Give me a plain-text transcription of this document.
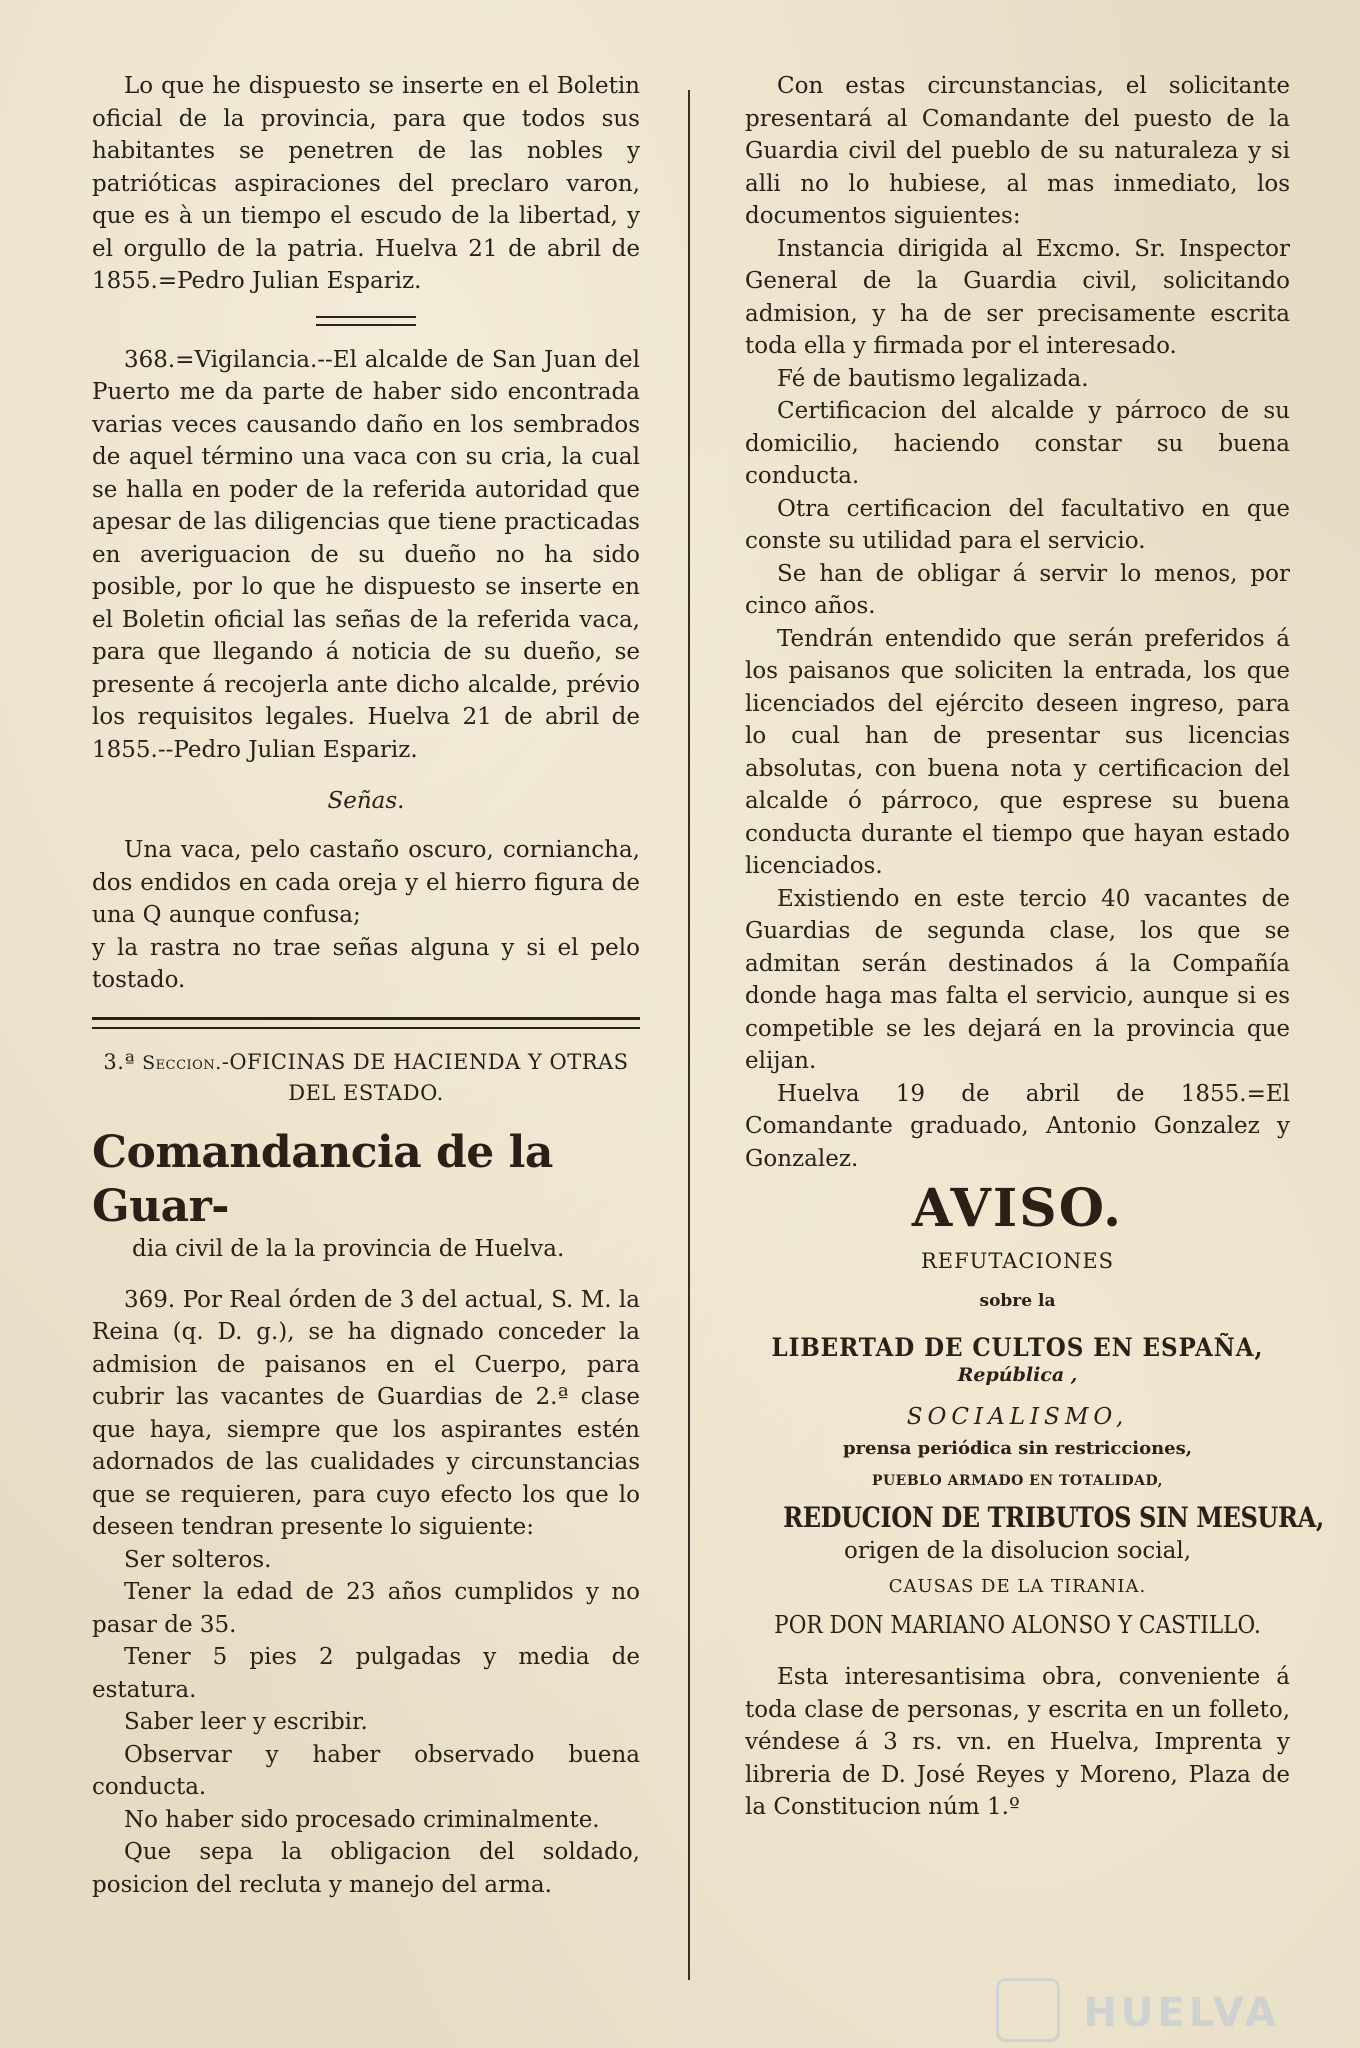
Lo que he dispuesto se inserte en el Boletin oficial de la provincia, para que todos sus habitantes se penetren de las nobles y patrióticas aspiraciones del preclaro varon, que es à un tiempo el escudo de la libertad, y el orgullo de la patria. Huelva 21 de abril de 1855.=Pedro Julian Espariz.

368.=Vigilancia.--El alcalde de San Juan del Puerto me da parte de haber sido encontrada varias veces causando daño en los sembrados de aquel término una vaca con su cria, la cual se halla en poder de la referida autoridad que apesar de las diligencias que tiene practicadas en averiguacion de su dueño no ha sido posible, por lo que he dispuesto se inserte en el Boletin oficial las señas de la referida vaca, para que llegando á noticia de su dueño, se presente á recojerla ante dicho alcalde, prévio los requisitos legales. Huelva 21 de abril de 1855.--Pedro Julian Espariz.

Señas.

Una vaca, pelo castaño oscuro, cornianchа, dos endidos en cada oreja y el hierro figura de una Q aunque confusa;

y la rastra no trae señas alguna y si el pelo tostado.

3.ª Seccion.-OFICINAS DE HACIENDA Y OTRAS DEL ESTADO.
Comandancia de la Guar-
dia civil de la la provincia de Huelva.

369. Por Real órden de 3 del actual, S. M. la Reina (q. D. g.), se ha dignado conceder la admision de paisanos en el Cuerpo, para cubrir las vacantes de Guardias de 2.ª clase que haya, siempre que los aspirantes estén adornados de las cualidades y circunstancias que se requieren, para cuyo efecto los que lo deseen tendran presente lo siguiente:

Ser solteros.

Tener la edad de 23 años cumplidos y no pasar de 35.

Tener 5 pies 2 pulgadas y media de estatura.

Saber leer y escribir.

Observar y haber observado buena conducta.

No haber sido procesado criminalmente.

Que sepa la obligacion del soldado, posicion del recluta y manejo del arma.

Con estas circunstancias, el solicitante presentará al Comandante del puesto de la Guardia civil del pueblo de su naturaleza y si alli no lo hubiese, al mas inmediato, los documentos siguientes:

Instancia dirigida al Excmo. Sr. Inspector General de la Guardia civil, solicitando admision, y ha de ser precisamente escrita toda ella y firmada por el interesado.

Fé de bautismo legalizada.

Certificacion del alcalde y párroco de su domicilio, haciendo constar su buena conducta.

Otra certificacion del facultativo en que conste su utilidad para el servicio.

Se han de obligar á servir lo menos, por cinco años.

Tendrán entendido que serán preferidos á los paisanos que soliciten la entrada, los que licenciados del ejército deseen ingreso, para lo cual han de presentar sus licencias absolutas, con buena nota y certificacion del alcalde ó párroco, que esprese su buena conducta durante el tiempo que hayan estado licenciados.

Existiendo en este tercio 40 vacantes de Guardias de segunda clase, los que se admitan serán destinados á la Compañía donde haga mas falta el servicio, aunque si es competible se les dejará en la provincia que elijan.

Huelva 19 de abril de 1855.=El Comandante graduado, Antonio Gonzalez y Gonzalez.

AVISO.
REFUTACIONES
sobre la
LIBERTAD DE CULTOS EN ESPAÑA,
República ,
SOCIALISMO,
prensa periódica sin restricciones,
PUEBLO ARMADO EN TOTALIDAD,
REDUCION DE TRIBUTOS SIN MESURA,
origen de la disolucion social,
CAUSAS DE LA TIRANIA.
POR DON MARIANO ALONSO Y CASTILLO.

Esta interesantisima obra, conveniente á toda clase de personas, y escrita en un folleto, véndese á 3 rs. vn. en Huelva, Imprenta y libreria de D. José Reyes y Moreno, Plaza de la Constitucion núm 1.º

HUELVA
